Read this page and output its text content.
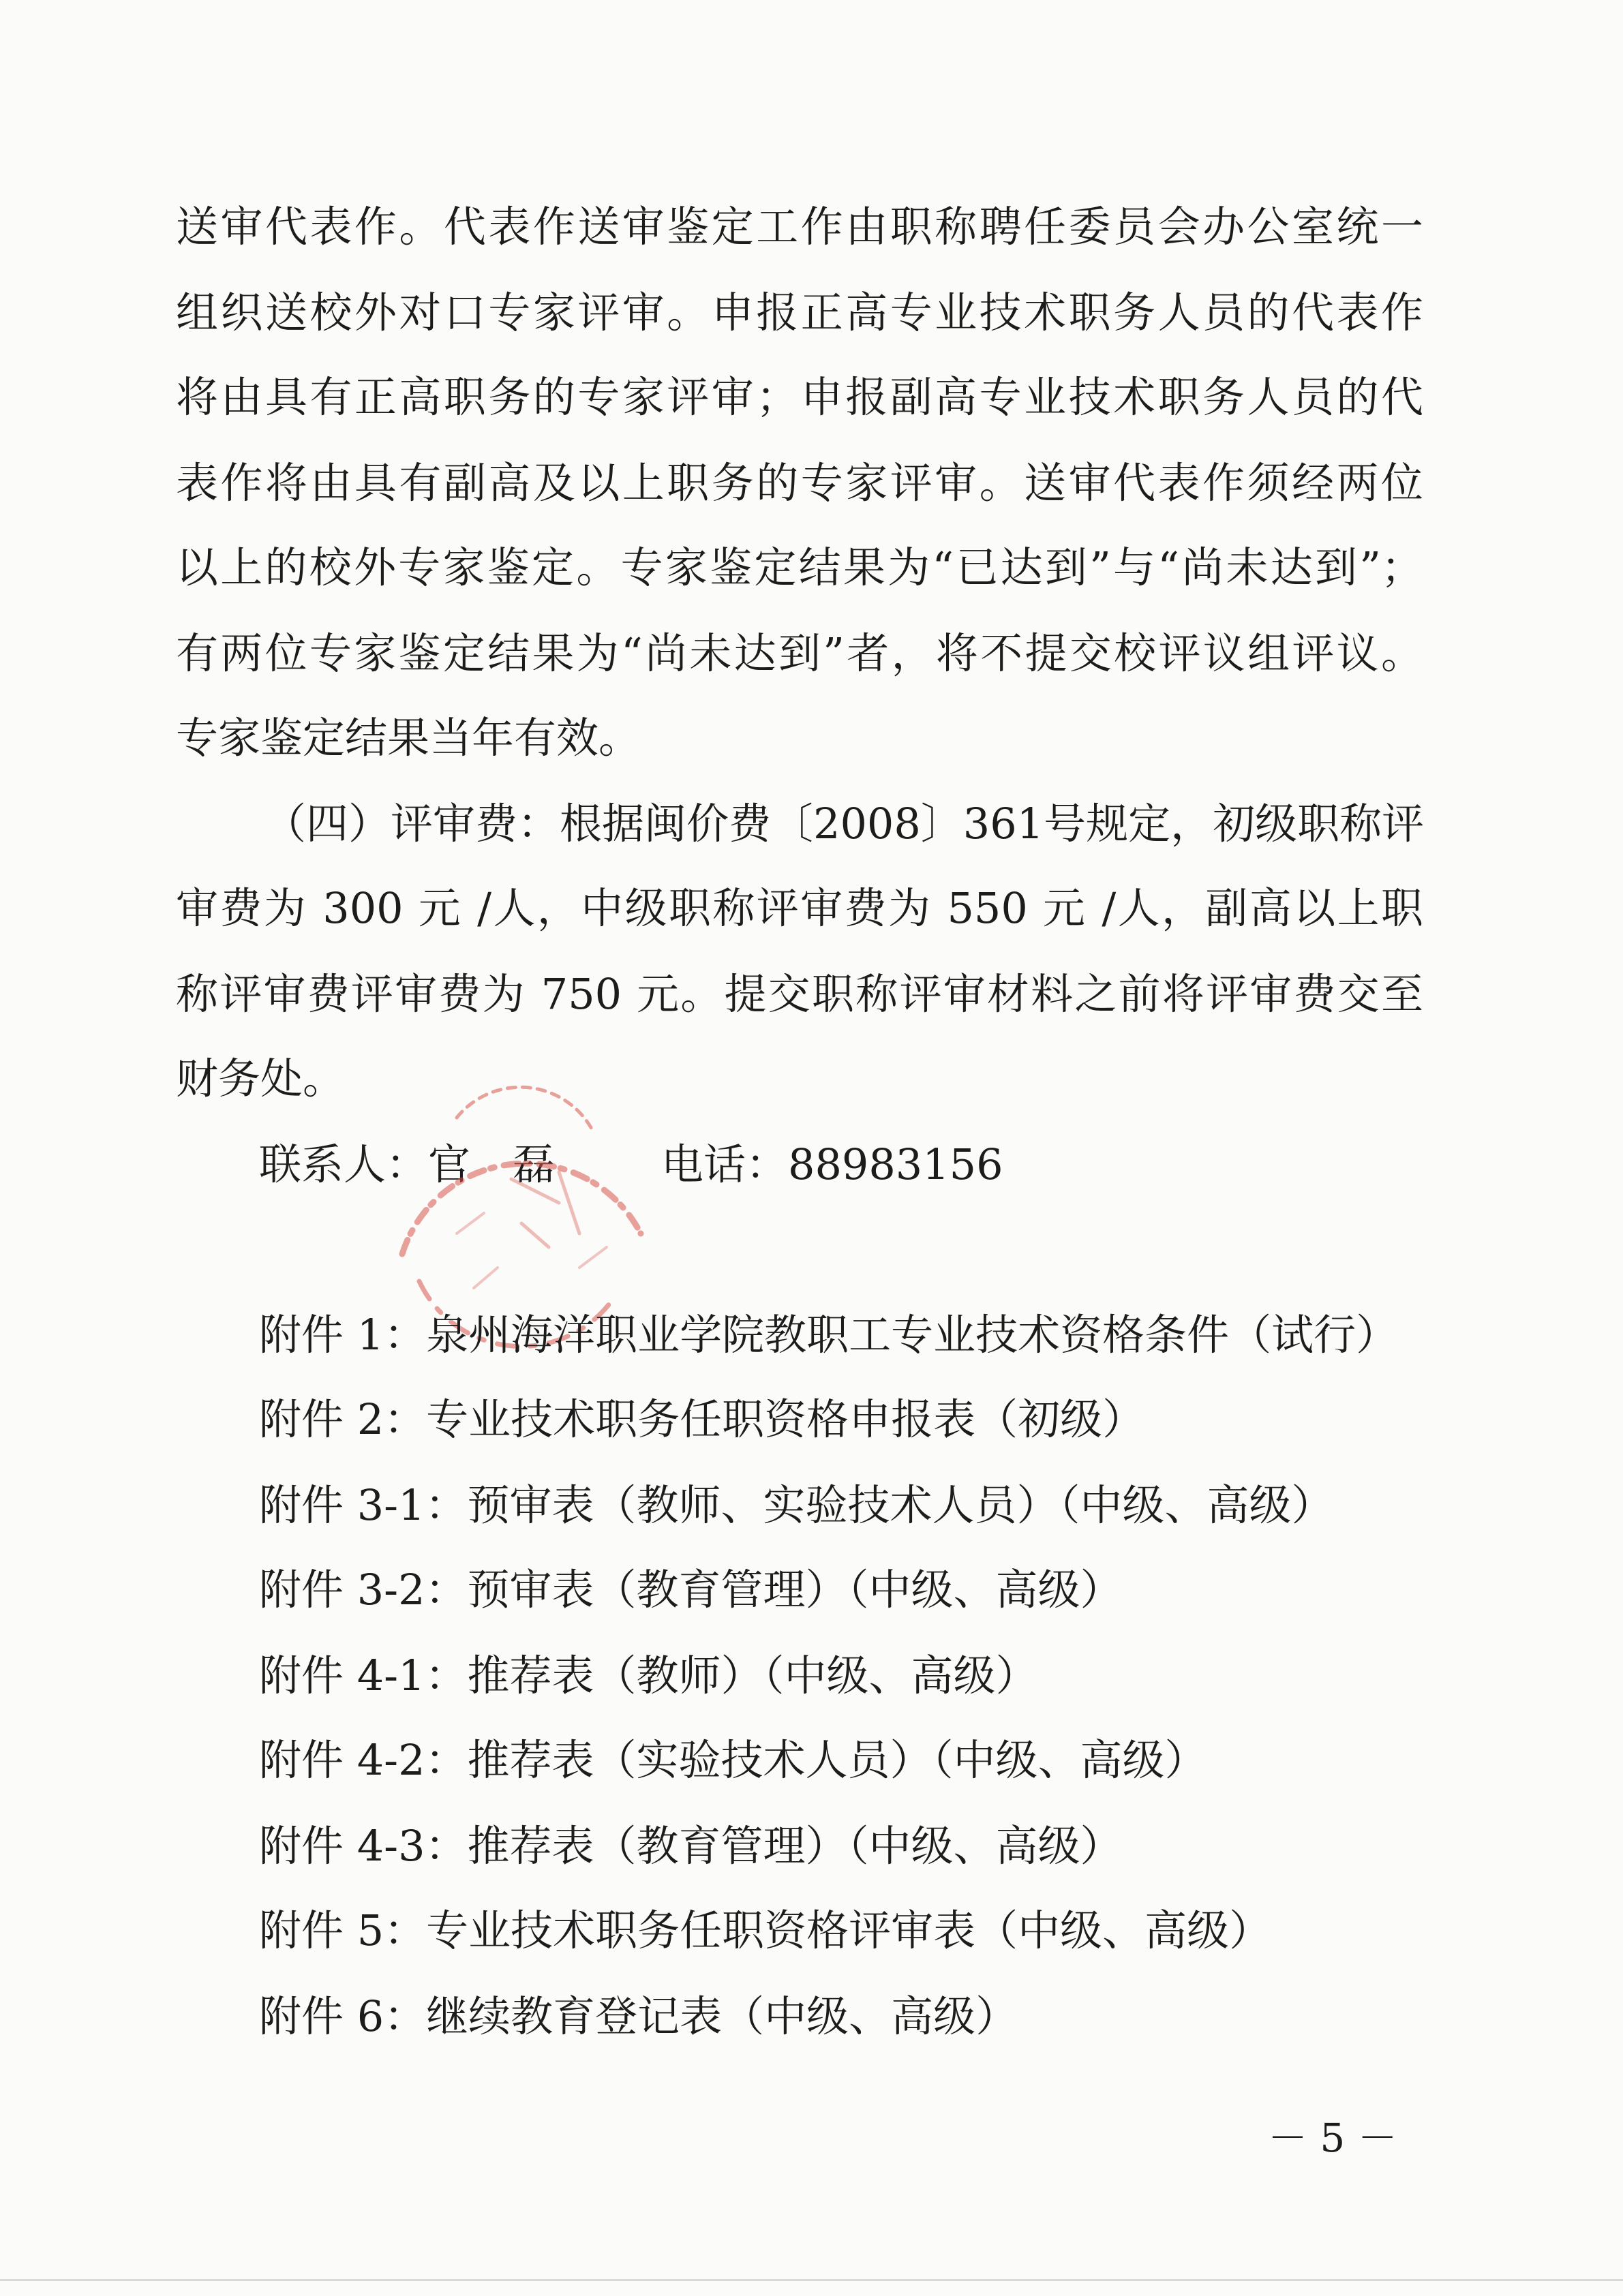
送审代表作。代表作送审鉴定工作由职称聘任委员会办公室统一
组织送校外对口专家评审。申报正高专业技术职务人员的代表作
将由具有正高职务的专家评审；申报副高专业技术职务人员的代
表作将由具有副高及以上职务的专家评审。送审代表作须经两位
以上的校外专家鉴定。专家鉴定结果为“已达到”与“尚未达到”；
有两位专家鉴定结果为“尚未达到”者，将不提交校评议组评议。
专家鉴定结果当年有效。
（四）评审费：根据闽价费〔2008〕361号规定，初级职称评
审费为 300 元 /人，中级职称评审费为 550 元 /人，副高以上职
称评审费评审费为 750 元。提交职称评审材料之前将评审费交至
财务处。
联系人：官　磊	电话：88983156
附件 1：泉州海洋职业学院教职工专业技术资格条件（试行）
附件 2：专业技术职务任职资格申报表（初级）
附件 3-1：预审表（教师、实验技术人员）（中级、高级）
附件 3-2：预审表（教育管理）（中级、高级）
附件 4-1：推荐表（教师）（中级、高级）
附件 4-2：推荐表（实验技术人员）（中级、高级）
附件 4-3：推荐表（教育管理）（中级、高级）
附件 5：专业技术职务任职资格评审表（中级、高级）
附件 6：继续教育登记表（中级、高级）
－ 5 －
